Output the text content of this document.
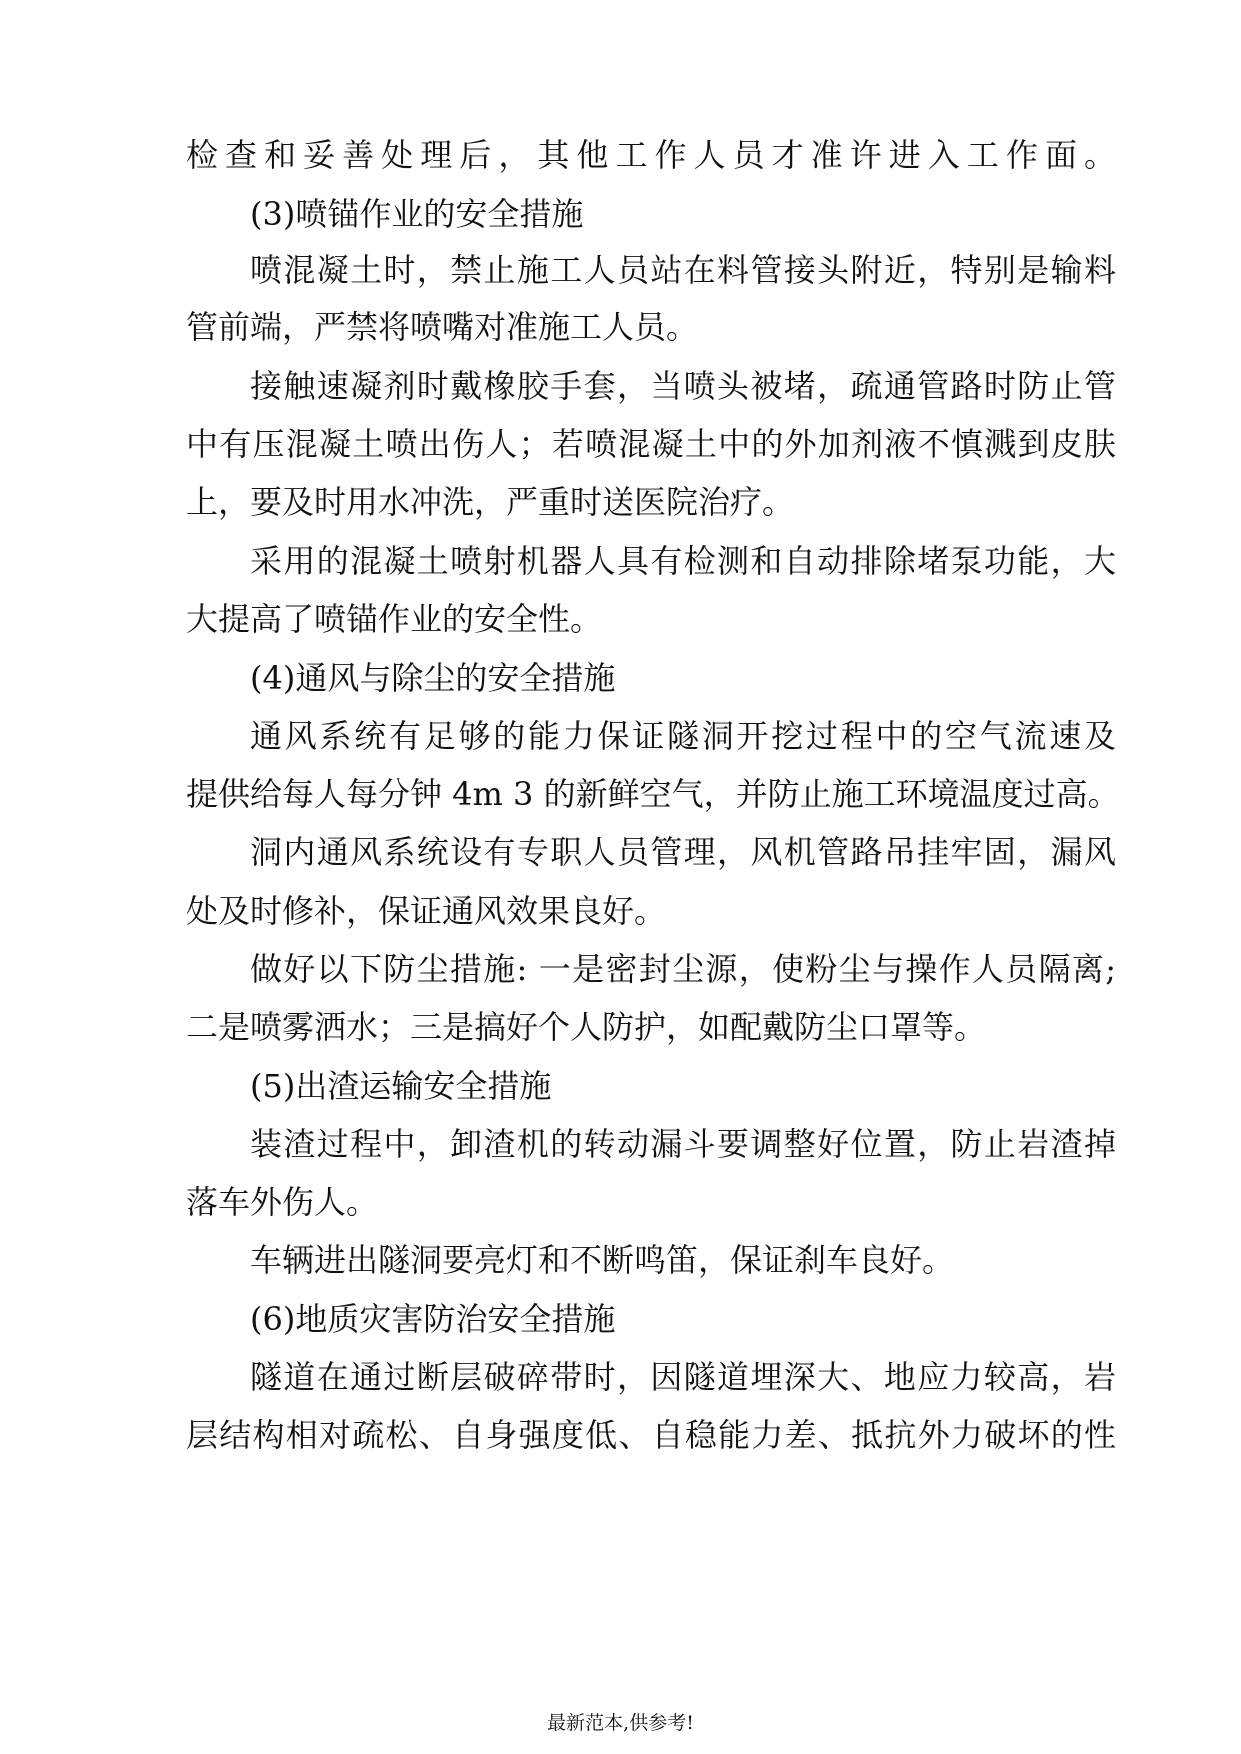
检查和妥善处理后，其他工作人员才准许进入工作面。
(3)喷锚作业的安全措施
喷混凝土时，禁止施工人员站在料管接头附近，特别是输料
管前端，严禁将喷嘴对准施工人员。
接触速凝剂时戴橡胶手套，当喷头被堵，疏通管路时防止管
中有压混凝土喷出伤人；若喷混凝土中的外加剂液不慎溅到皮肤
上，要及时用水冲洗，严重时送医院治疗。
采用的混凝土喷射机器人具有检测和自动排除堵泵功能，大
大提高了喷锚作业的安全性。
(4)通风与除尘的安全措施
通风系统有足够的能力保证隧洞开挖过程中的空气流速及
提供给每人每分钟 4m 3 的新鲜空气，并防止施工环境温度过高。
洞内通风系统设有专职人员管理，风机管路吊挂牢固，漏风
处及时修补，保证通风效果良好。
做好以下防尘措施: 一是密封尘源，使粉尘与操作人员隔离;
二是喷雾洒水；三是搞好个人防护，如配戴防尘口罩等。
(5)出渣运输安全措施
装渣过程中，卸渣机的转动漏斗要调整好位置，防止岩渣掉
落车外伤人。
车辆进出隧洞要亮灯和不断鸣笛，保证刹车良好。
(6)地质灾害防治安全措施
隧道在通过断层破碎带时，因隧道埋深大、地应力较高，岩
层结构相对疏松、自身强度低、自稳能力差、抵抗外力破坏的性
最新范本,供参考!
